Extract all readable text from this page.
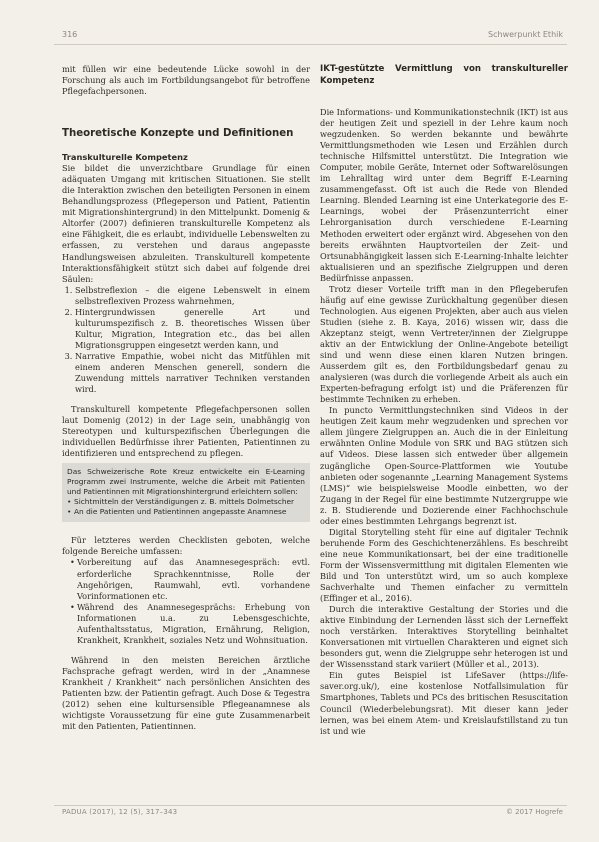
316	Schwerpunkt Ethik

mit füllen wir eine bedeutende Lücke sowohl in der Forschung als auch im Fortbildungsangebot für betroffene Pflegefachpersonen.

Theoretische Konzepte und Definitionen
Transkulturelle Kompetenz

Sie bildet die unverzichtbare Grundlage für einen adäquaten Umgang mit kritischen Situationen. Sie stellt die Interaktion zwischen den beteiligten Personen in einem Behandlungsprozess (Pflegeperson und Patient, Patientin mit Migrationshintergrund) in den Mittelpunkt. Domenig & Altorfer (2007) definieren transkulturelle Kompetenz als eine Fähigkeit, die es erlaubt, individuelle Lebenswelten zu erfassen, zu verstehen und daraus angepasste Handlungsweisen abzuleiten. Transkulturell kompetente Interaktionsfähigkeit stützt sich dabei auf folgende drei Säulen:

1. Selbstreflexion – die eigene Lebenswelt in einem selbstreflexiven Prozess wahrnehmen,
2. Hintergrundwissen generelle Art und kulturumspezifisch z. B. theoretisches Wissen über Kultur, Migration, Integration etc., das bei allen Migrationsgruppen eingesetzt werden kann, und
3. Narrative Empathie, wobei nicht das Mitfühlen mit einem anderen Menschen generell, sondern die Zuwendung mittels narrativer Techniken verstanden wird.

Transkulturell kompetente Pflegefachpersonen sollen laut Domenig (2012) in der Lage sein, unabhängig von Stereotypen und kulturspezifischen Überlegungen die individuellen Bedürfnisse ihrer Patienten, Patientinnen zu identifizieren und entsprechend zu pflegen.

Das Schweizerische Rote Kreuz entwickelte ein E-Learning Programm zwei Instrumente, welche die Arbeit mit Patienten und Patientinnen mit Migrationshintergrund erleichtern sollen:
• Sichtmitteln der Verständigungen z. B. mittels Dolmetscher
• An die Patienten und Patientinnen angepasste Anamnese

Für letzteres werden Checklisten geboten, welche folgende Bereiche umfassen:

• Vorbereitung auf das Anamnesegespräch: evtl. erforderliche Sprachkenntnisse, Rolle der Angehörigen, Raumwahl, evtl. vorhandene Vorinformationen etc.
• Während des Anamnesegesprächs: Erhebung von Informationen u.a. zu Lebensgeschichte, Aufenthaltsstatus, Migration, Ernährung, Religion, Krankheit, Krankheit, soziales Netz und Wohnsituation.

Während in den meisten Bereichen ärztliche Fachsprache gefragt werden, wird in der „Anamnese Krankheit / Krankheit“ nach persönlichen Ansichten des Patienten bzw. der Patientin gefragt. Auch Dose & Tegestra (2012) sehen eine kultursensible Pflegeanamnese als wichtigste Voraussetzung für eine gute Zusammenarbeit mit den Patienten, Patientinnen.

IKT-gestützte Vermittlung von transkultureller Kompetenz

Die Informations- und Kommunikationstechnik (IKT) ist aus der heutigen Zeit und speziell in der Lehre kaum noch wegzudenken. So werden bekannte und bewährte Vermittlungsmethoden wie Lesen und Erzählen durch technische Hilfsmittel unterstützt. Die Integration wie Computer, mobile Geräte, Internet oder Softwarelösungen im Lehralltag wird unter dem Begriff E-Learning zusammengefasst. Oft ist auch die Rede von Blended Learning. Blended Learning ist eine Unterkategorie des E-Learnings, wobei der Präsenzunterricht einer Lehrorganisation durch verschiedene E-Learning Methoden erweitert oder ergänzt wird. Abgesehen von den bereits erwähnten Hauptvorteilen der Zeit- und Ortsunabhängigkeit lassen sich E-Learning-Inhalte leichter aktualisieren und an spezifische Zielgruppen und deren Bedürfnisse anpassen.

Trotz dieser Vorteile trifft man in den Pflegeberufen häufig auf eine gewisse Zurückhaltung gegenüber diesen Technologien. Aus eigenen Projekten, aber auch aus vielen Studien (siehe z. B. Kaya, 2016) wissen wir, dass die Akzeptanz steigt, wenn Vertreter/innen der Zielgruppe aktiv an der Entwicklung der Online-Angebote beteiligt sind und wenn diese einen klaren Nutzen bringen. Ausserdem gilt es, den Fortbildungsbedarf genau zu analysieren (was durch die vorliegende Arbeit als auch ein Experten-befragung erfolgt ist) und die Präferenzen für bestimmte Techniken zu erheben.

In puncto Vermittlungstechniken sind Videos in der heutigen Zeit kaum mehr wegzudenken und sprechen vor allem jüngere Zielgruppen an. Auch die in der Einleitung erwähnten Online Module von SRK und BAG stützen sich auf Videos. Diese lassen sich entweder über allgemein zugängliche Open-Source-Plattformen wie Youtube anbieten oder sogenannte „Learning Management Systems (LMS)“ wie beispielsweise Moodle einbetten, wo der Zugang in der Regel für eine bestimmte Nutzergruppe wie z. B. Studierende und Dozierende einer Fachhochschule oder eines bestimmten Lehrgangs begrenzt ist.

Digital Storytelling steht für eine auf digitaler Technik beruhende Form des Geschichtenerzählens. Es beschreibt eine neue Kommunikationsart, bei der eine traditionelle Form der Wissensvermittlung mit digitalen Elementen wie Bild und Ton unterstützt wird, um so auch komplexe Sachverhalte und Themen einfacher zu vermitteln (Effinger et al., 2016).

Durch die interaktive Gestaltung der Stories und die aktive Einbindung der Lernenden lässt sich der Lerneffekt noch verstärken. Interaktives Storytelling beinhaltet Konversationen mit virtuellen Charakteren und eignet sich besonders gut, wenn die Zielgruppe sehr heterogen ist und der Wissensstand stark variiert (Müller et al., 2013).

Ein gutes Beispiel ist LifeSaver (https://life-saver.org.uk/), eine kostenlose Notfallsimulation für Smartphones, Tablets und PCs des britischen Resuscitation Council (Wiederbelebungsrat). Mit dieser kann jeder lernen, was bei einem Atem- und Kreislaufstillstand zu tun ist und wie

PADUA (2017), 12 (5), 317–343	© 2017 Hogrefe
